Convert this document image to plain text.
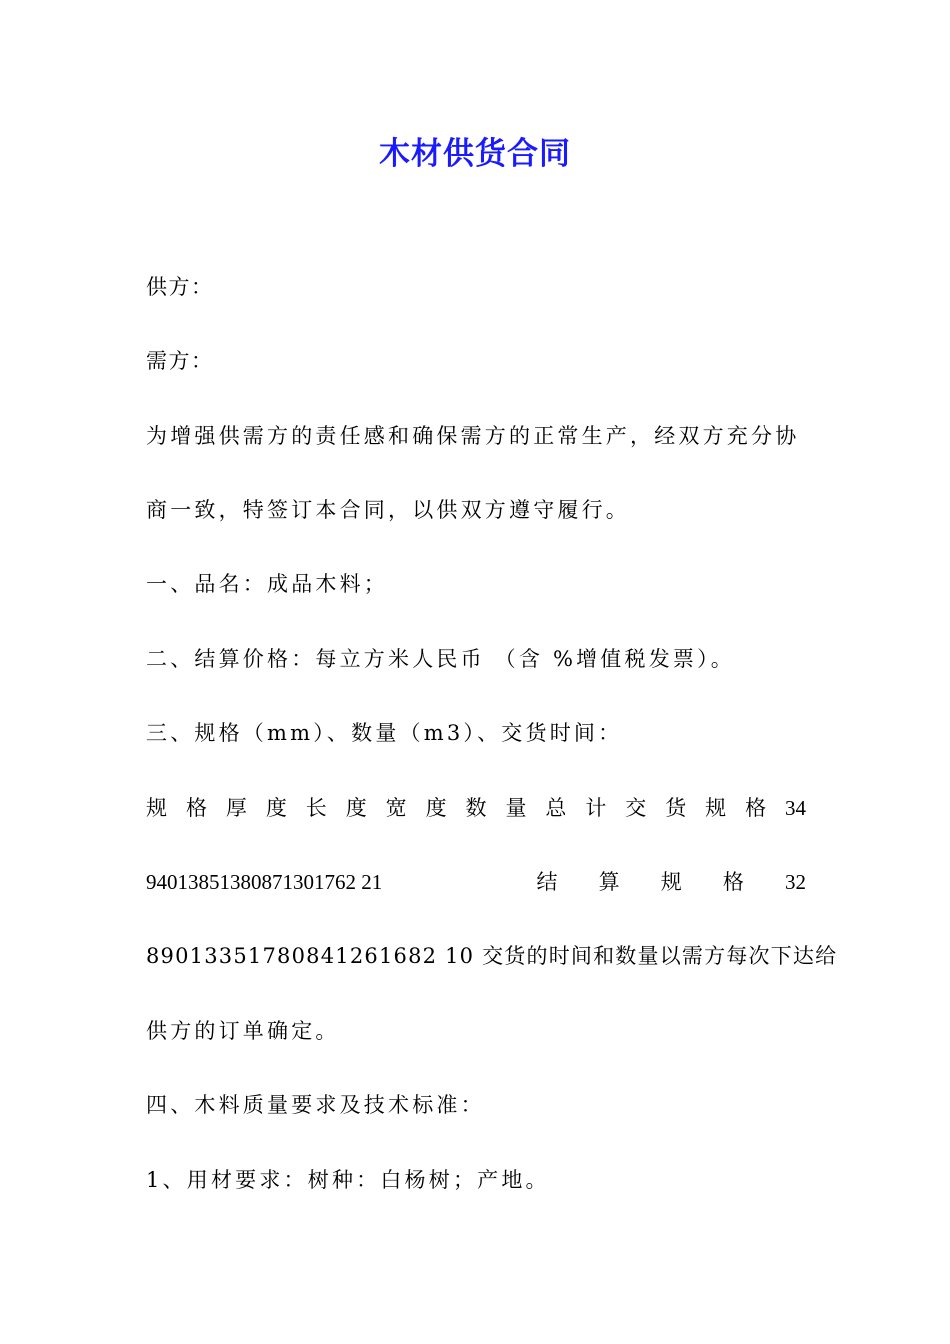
木材供货合同
供方：
需方：
为增强供需方的责任感和确保需方的正常生产，经双方充分协
商一致，特签订本合同，以供双方遵守履行。
一、品名：成品木料；
二、结算价格：每立方米人民币 （含 %增值税发票）。
三、规格（mm）、数量（m3）、交货时间：
规 格 厚 度 长 度 宽 度 数 量 总 计 交 货 规 格 34
94013851380871301762 21	结 算 规 格 32
89013351780841261682 10 交货的时间和数量以需方每次下达给
供方的订单确定。
四、木料质量要求及技术标准：
1、用材要求：树种：白杨树；产地。
